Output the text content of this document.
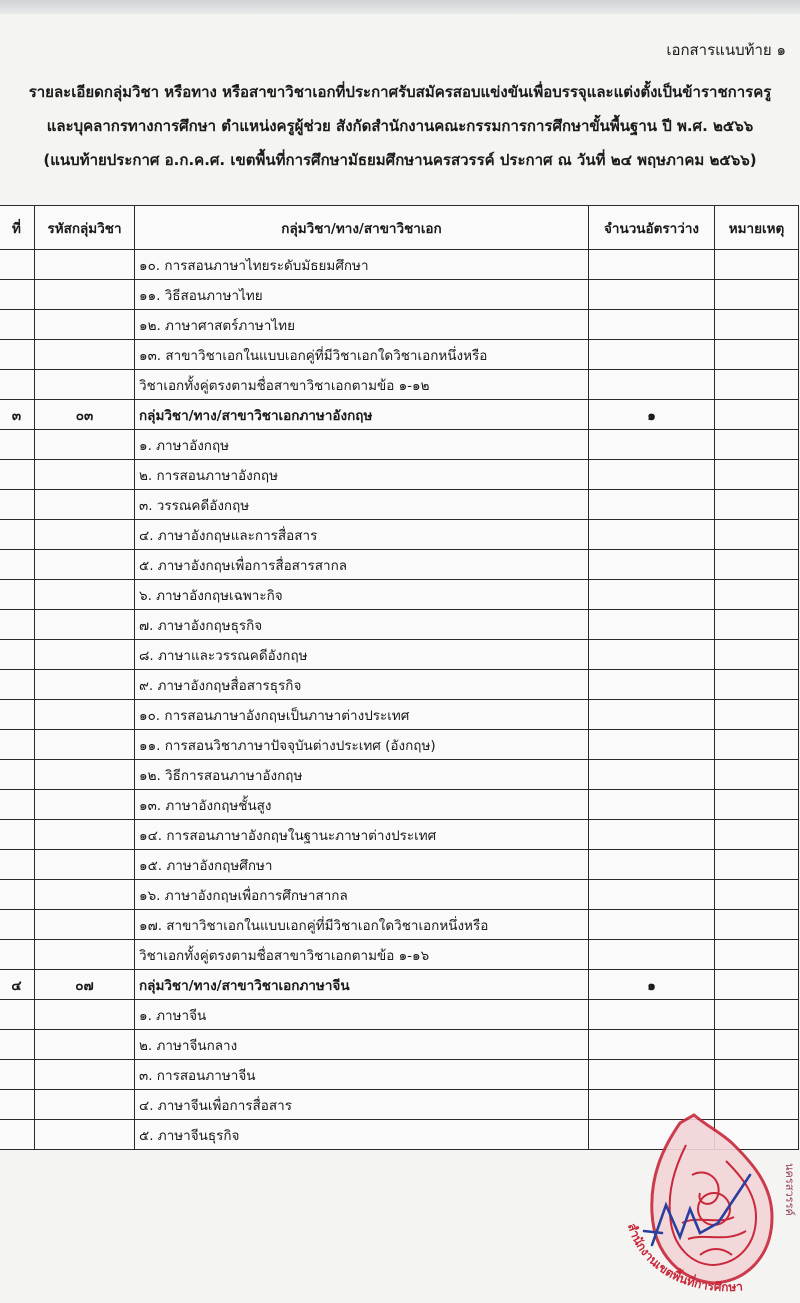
เอกสารแนบท้าย ๑
รายละเอียดกลุ่มวิชา หรือทาง หรือสาขาวิชาเอกที่ประกาศรับสมัครสอบแข่งขันเพื่อบรรจุและแต่งตั้งเป็นข้าราชการครู
และบุคลากรทางการศึกษา ตำแหน่งครูผู้ช่วย สังกัดสำนักงานคณะกรรมการการศึกษาขั้นพื้นฐาน ปี พ.ศ. ๒๕๖๖
(แนบท้ายประกาศ อ.ก.ค.ศ. เขตพื้นที่การศึกษามัธยมศึกษานครสวรรค์ ประกาศ ณ วันที่ ๒๔ พฤษภาคม ๒๕๖๖)
ที่	รหัสกลุ่มวิชา	กลุ่มวิชา/ทาง/สาขาวิชาเอก	จำนวนอัตราว่าง	หมายเหตุ
		๑๐. การสอนภาษาไทยระดับมัธยมศึกษา		
		๑๑. วิธีสอนภาษาไทย		
		๑๒. ภาษาศาสตร์ภาษาไทย		
		๑๓. สาขาวิชาเอกในแบบเอกคู่ที่มีวิชาเอกใดวิชาเอกหนึ่งหรือ		
		วิชาเอกทั้งคู่ตรงตามชื่อสาขาวิชาเอกตามข้อ ๑-๑๒		
๓	๐๓	กลุ่มวิชา/ทาง/สาขาวิชาเอกภาษาอังกฤษ	๑	
		๑. ภาษาอังกฤษ		
		๒. การสอนภาษาอังกฤษ		
		๓. วรรณคดีอังกฤษ		
		๔. ภาษาอังกฤษและการสื่อสาร		
		๕. ภาษาอังกฤษเพื่อการสื่อสารสากล		
		๖. ภาษาอังกฤษเฉพาะกิจ		
		๗. ภาษาอังกฤษธุรกิจ		
		๘. ภาษาและวรรณคดีอังกฤษ		
		๙. ภาษาอังกฤษสื่อสารธุรกิจ		
		๑๐. การสอนภาษาอังกฤษเป็นภาษาต่างประเทศ		
		๑๑. การสอนวิชาภาษาปัจจุบันต่างประเทศ (อังกฤษ)		
		๑๒. วิธีการสอนภาษาอังกฤษ		
		๑๓. ภาษาอังกฤษชั้นสูง		
		๑๔. การสอนภาษาอังกฤษในฐานะภาษาต่างประเทศ		
		๑๕. ภาษาอังกฤษศึกษา		
		๑๖. ภาษาอังกฤษเพื่อการศึกษาสากล		
		๑๗. สาขาวิชาเอกในแบบเอกคู่ที่มีวิชาเอกใดวิชาเอกหนึ่งหรือ		
		วิชาเอกทั้งคู่ตรงตามชื่อสาขาวิชาเอกตามข้อ ๑-๑๖		
๔	๐๗	กลุ่มวิชา/ทาง/สาขาวิชาเอกภาษาจีน	๑	
		๑. ภาษาจีน		
		๒. ภาษาจีนกลาง		
		๓. การสอนภาษาจีน		
		๔. ภาษาจีนเพื่อการสื่อสาร		
		๕. ภาษาจีนธุรกิจ		
สำนักงานเขตพื้นที่การศึกษา
นครสวรรค์
